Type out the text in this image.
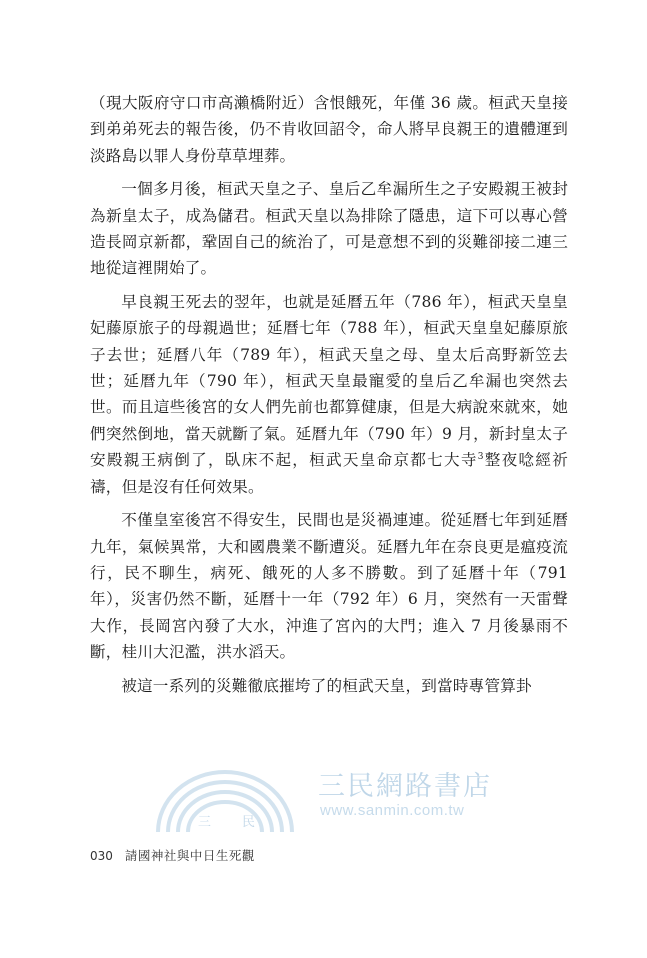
（現大阪府守口市高瀨橋附近）含恨餓死，年僅 36 歲。桓武天皇接到弟弟死去的報告後，仍不肯收回詔令，命人將早良親王的遺體運到淡路島以罪人身份草草埋葬。

一個多月後，桓武天皇之子、皇后乙牟漏所生之子安殿親王被封為新皇太子，成為儲君。桓武天皇以為排除了隱患，這下可以專心營造長岡京新都，鞏固自己的統治了，可是意想不到的災難卻接二連三地從這裡開始了。

早良親王死去的翌年，也就是延曆五年（786 年），桓武天皇皇妃藤原旅子的母親過世；延曆七年（788 年），桓武天皇皇妃藤原旅子去世；延曆八年（789 年），桓武天皇之母、皇太后高野新笠去世；延曆九年（790 年），桓武天皇最寵愛的皇后乙牟漏也突然去世。而且這些後宮的女人們先前也都算健康，但是大病說來就來，她們突然倒地，當天就斷了氣。延曆九年（790 年）9 月，新封皇太子安殿親王病倒了，臥床不起，桓武天皇命京都七大寺$^3$整夜唸經祈禱，但是沒有任何效果。

不僅皇室後宮不得安生，民間也是災禍連連。從延曆七年到延曆九年，氣候異常，大和國農業不斷遭災。延曆九年在奈良更是瘟疫流行，民不聊生，病死、餓死的人多不勝數。到了延曆十年（791 年），災害仍然不斷，延曆十一年（792 年）6 月，突然有一天雷聲大作，長岡宮內發了大水，沖進了宮內的大門；進入 7 月後暴雨不斷，桂川大氾濫，洪水滔天。

被這一系列的災難徹底摧垮了的桓武天皇，到當時專管算卦

三 民
三民網路書店
www.sanmin.com.tw
030 請國神社與中日生死觀
